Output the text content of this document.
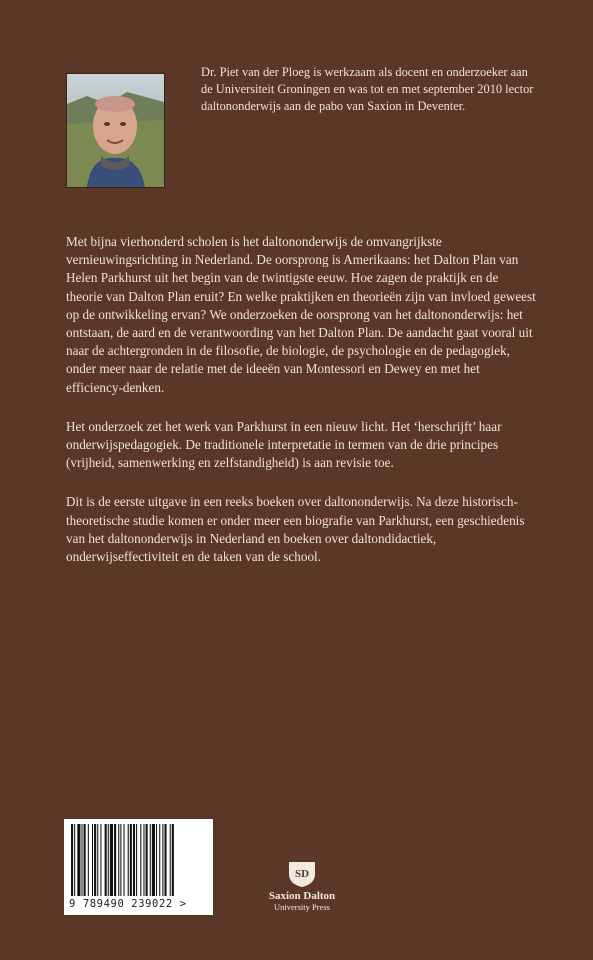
Dr. Piet van der Ploeg is werkzaam als docent en onderzoeker aan de Universiteit Groningen en was tot en met september 2010 lector daltononderwijs aan de pabo van Saxion in Deventer.

Met bijna vierhonderd scholen is het daltononderwijs de omvangrijkste vernieuwingsrichting in Nederland. De oorsprong is Amerikaans: het Dalton Plan van Helen Parkhurst uit het begin van de twintigste eeuw. Hoe zagen de praktijk en de theorie van Dalton Plan eruit? En welke praktijken en theorieën zijn van invloed geweest op de ontwikkeling ervan? We onderzoeken de oorsprong van het daltononderwijs: het ontstaan, de aard en de verantwoording van het Dalton Plan. De aandacht gaat vooral uit naar de achtergronden in de filosofie, de biologie, de psychologie en de pedagogiek, onder meer naar de relatie met de ideeën van Montessori en Dewey en met het efficiency-denken.

Het onderzoek zet het werk van Parkhurst in een nieuw licht. Het ‘herschrijft’ haar onderwijspedagogiek. De traditionele interpretatie in termen van de drie principes (vrijheid, samenwerking en zelfstandigheid) is aan revisie toe.

Dit is de eerste uitgave in een reeks boeken over daltononderwijs. Na deze historisch-theoretische studie komen er onder meer een biografie van Parkhurst, een geschiedenis van het daltononderwijs in Nederland en boeken over daltondidactiek, onderwijseffectiviteit en de taken van de school.

9 789490 239022 >
SD
Saxion Dalton
University Press
